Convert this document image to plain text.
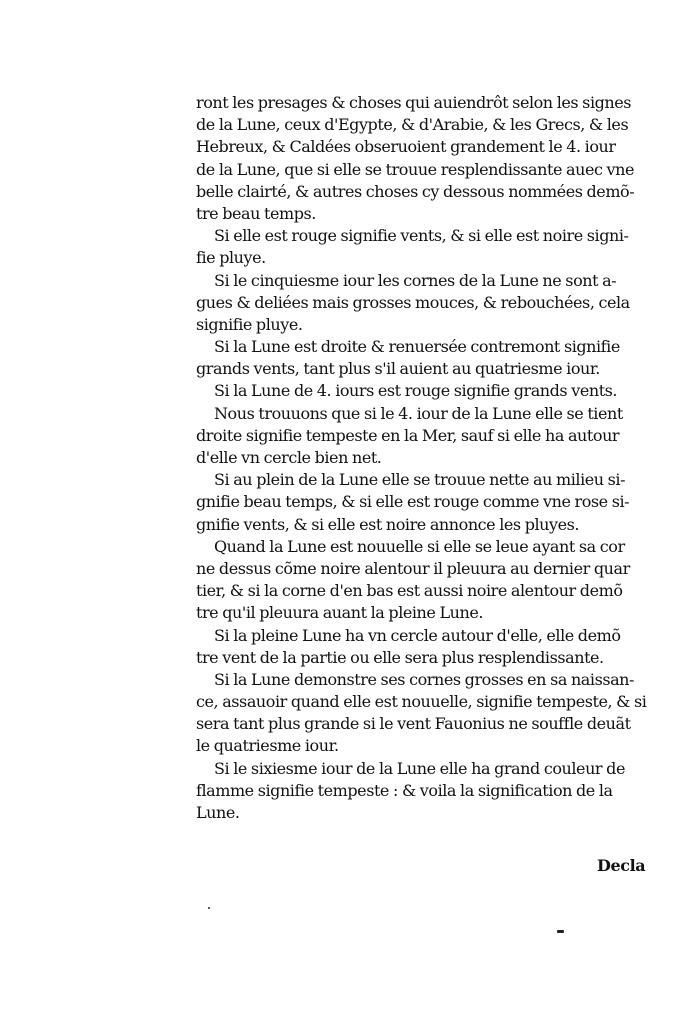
ront les presages & choses qui auiendrôt selon les signes
de la Lune, ceux d'Egypte, & d'Arabie, & les Grecs, & les
Hebreux, & Caldées obseruoient grandement le 4. iour
de la Lune, que si elle se trouue resplendissante auec vne
belle clairté, & autres choses cy dessous nommées demõ-
tre beau temps.
Si elle est rouge signifie vents, & si elle est noire signi-
fie pluye.
Si le cinquiesme iour les cornes de la Lune ne sont a-
gues & deliées mais grosses mouces, & rebouchées, cela
signifie pluye.
Si la Lune est droite & renuersée contremont signifie
grands vents, tant plus s'il auient au quatriesme iour.
Si la Lune de 4. iours est rouge signifie grands vents.
Nous trouuons que si le 4. iour de la Lune elle se tient
droite signifie tempeste en la Mer, sauf si elle ha autour
d'elle vn cercle bien net.
Si au plein de la Lune elle se trouue nette au milieu si-
gnifie beau temps, & si elle est rouge comme vne rose si-
gnifie vents, & si elle est noire annonce les pluyes.
Quand la Lune est nouuelle si elle se leue ayant sa cor
ne dessus cõme noire alentour il pleuura au dernier quar
tier, & si la corne d'en bas est aussi noire alentour demõ
tre qu'il pleuura auant la pleine Lune.
Si la pleine Lune ha vn cercle autour d'elle, elle demõ
tre vent de la partie ou elle sera plus resplendissante.
Si la Lune demonstre ses cornes grosses en sa naissan-
ce, assauoir quand elle est nouuelle, signifie tempeste, & si
sera tant plus grande si le vent Fauonius ne souffle deuãt
le quatriesme iour.
Si le sixiesme iour de la Lune elle ha grand couleur de
flamme signifie tempeste : & voila la signification de la
Lune.
Decla
